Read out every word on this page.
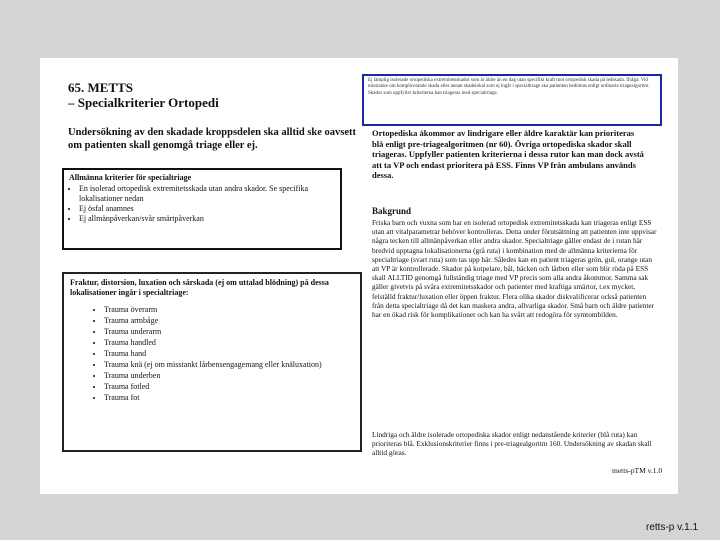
65. METTS
– Specialkriterier Ortopedi
Undersökning av den skadade kroppsdelen ska alltid ske oavsett om patienten skall genomgå triage eller ej.
Allmänna kriterier för specialtriage
• En isolerad ortopedisk extremitetsskada utan andra skador. Se specifika lokalisationer nedan
• Ej ösfal anamnes
• Ej allmänpåverkan/svår smärtpåverkan
Fraktur, distorsion, luxation och sårskada (ej om uttalad blödning) på dessa lokalisationer ingår i specialtriage:
• Trauma överarm
• Trauma armbåge
• Trauma underarm
• Trauma handled
• Trauma hand
• Trauma knä (ej om misstankt lårbensengagemang eller knäluxation)
• Trauma underben
• Trauma fotled
• Trauma fot
Ej lämplig isolerade ortopediska extremitetsskador som är äldre än en dag utan specifikt kraft mot ortopedisk skada på ledskada. Ifråga: Vid misstanke om komplicerande skada eller annan skadelokal som ej ingår i specialtriage ska patienten bedömas enligt ordinarie triagealgoritm. Skador som uppfyller kriterierna kan triageras med specialtriage.
Ortopediska åkommor av lindrigare eller äldre karaktär kan prioriteras blå enligt pre-triagealgoritmen (nr 60). Övriga ortopediska skador skall triageras. Uppfyller patienten kriterierna i dessa rutor kan man dock avstå att ta VP och endast prioritera på ESS. Finns VP från ambulans används dessa.
Bakgrund
Friska barn och vuxna som har en isolerad ortopedisk extremitetsskada kan triageras enligt ESS utan att vitalparametrar behöver kontrolleras. Detta under förutsättning att patienten inte uppvisar några tecken till allmänpåverkan eller andra skador. Specialtriage gäller endast de i rutan här bredvid upptagna lokalisationerna (grå ruta) i kombination med de allmänna kriterierna för specialtriage (svart ruta) som tas upp här. Således kan en patient triageras grön, gul, orange utan att VP är kontrollerade. Skador på kotpelare, bål, bäcken och lårben eller som blir röda på ESS skall ALLTID genomgå fullständig triage med VP precis som alla andra åkommor. Samma sak gäller givetvis på svåra extremitetsskador och patienter med kraftiga smärtor, t.ex mycket, felställd fraktur/luxation eller öppen fraktur. Flera olika skador diskvalificerar också patienten från detta specialtriage då det kan maskera andra, allvarliga skador. Små barn och äldre patienter har en ökad risk för komplikationer och kan ha svårt att redogöra för symtombilden.
Lindriga och äldre isolerade ortopediska skador enligt nedanstående kriterier (blå ruta) kan prioriteras blå. Exklusionskriterier finns i pre-triagealgoritm 160. Undersökning av skadan skall alltid göras.
metts-pTM v.1.0
retts-p v.1.1
